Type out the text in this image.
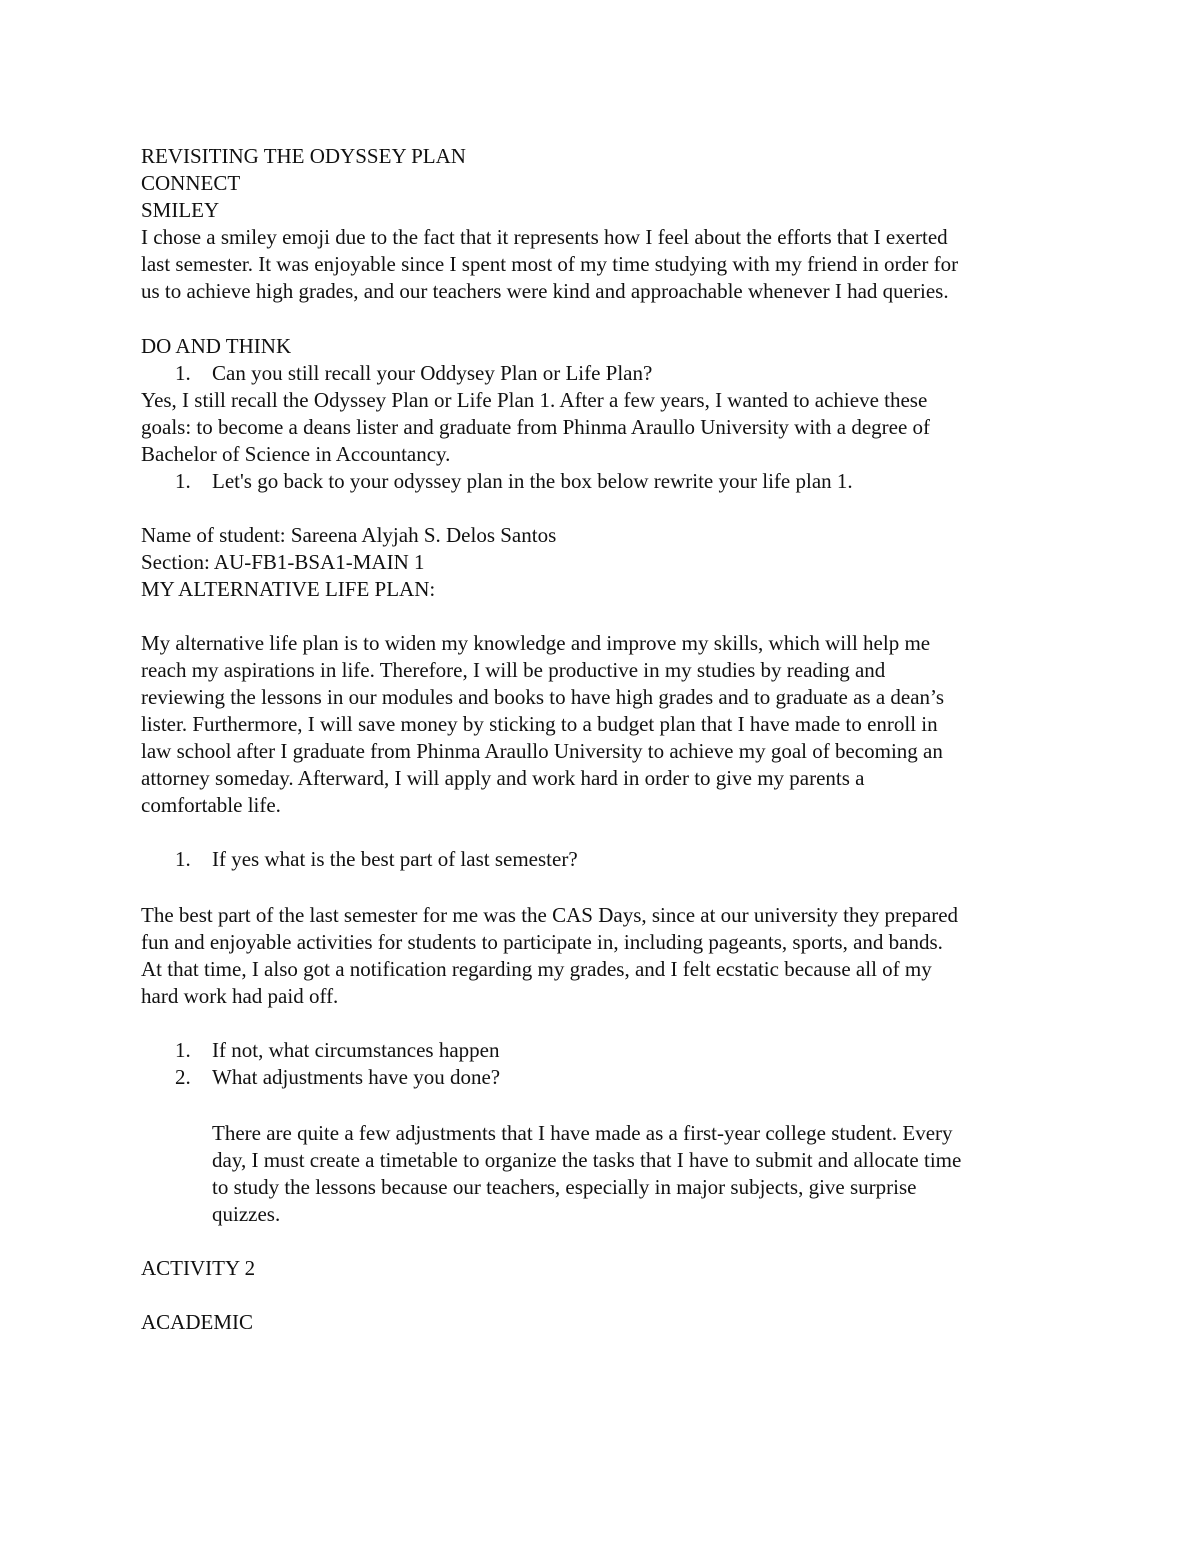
REVISITING THE ODYSSEY PLAN
CONNECT
SMILEY
I chose a smiley emoji due to the fact that it represents how I feel about the efforts that I exerted
last semester. It was enjoyable since I spent most of my time studying with my friend in order for
us to achieve high grades, and our teachers were kind and approachable whenever I had queries.
DO AND THINK
1.	Can you still recall your Oddysey Plan or Life Plan?
Yes, I still recall the Odyssey Plan or Life Plan 1. After a few years, I wanted to achieve these
goals: to become a deans lister and graduate from Phinma Araullo University with a degree of
Bachelor of Science in Accountancy.
1.	Let's go back to your odyssey plan in the box below rewrite your life plan 1.
Name of student: Sareena Alyjah S. Delos Santos
Section: AU-FB1-BSA1-MAIN 1
MY ALTERNATIVE LIFE PLAN:
My alternative life plan is to widen my knowledge and improve my skills, which will help me
reach my aspirations in life. Therefore, I will be productive in my studies by reading and
reviewing the lessons in our modules and books to have high grades and to graduate as a dean’s
lister. Furthermore, I will save money by sticking to a budget plan that I have made to enroll in
law school after I graduate from Phinma Araullo University to achieve my goal of becoming an
attorney someday. Afterward, I will apply and work hard in order to give my parents a
comfortable life.
1.	If yes what is the best part of last semester?
The best part of the last semester for me was the CAS Days, since at our university they prepared
fun and enjoyable activities for students to participate in, including pageants, sports, and bands.
At that time, I also got a notification regarding my grades, and I felt ecstatic because all of my
hard work had paid off.
1.	If not, what circumstances happen
2.	What adjustments have you done?
There are quite a few adjustments that I have made as a first-year college student. Every
day, I must create a timetable to organize the tasks that I have to submit and allocate time
to study the lessons because our teachers, especially in major subjects, give surprise
quizzes.
ACTIVITY 2
ACADEMIC
